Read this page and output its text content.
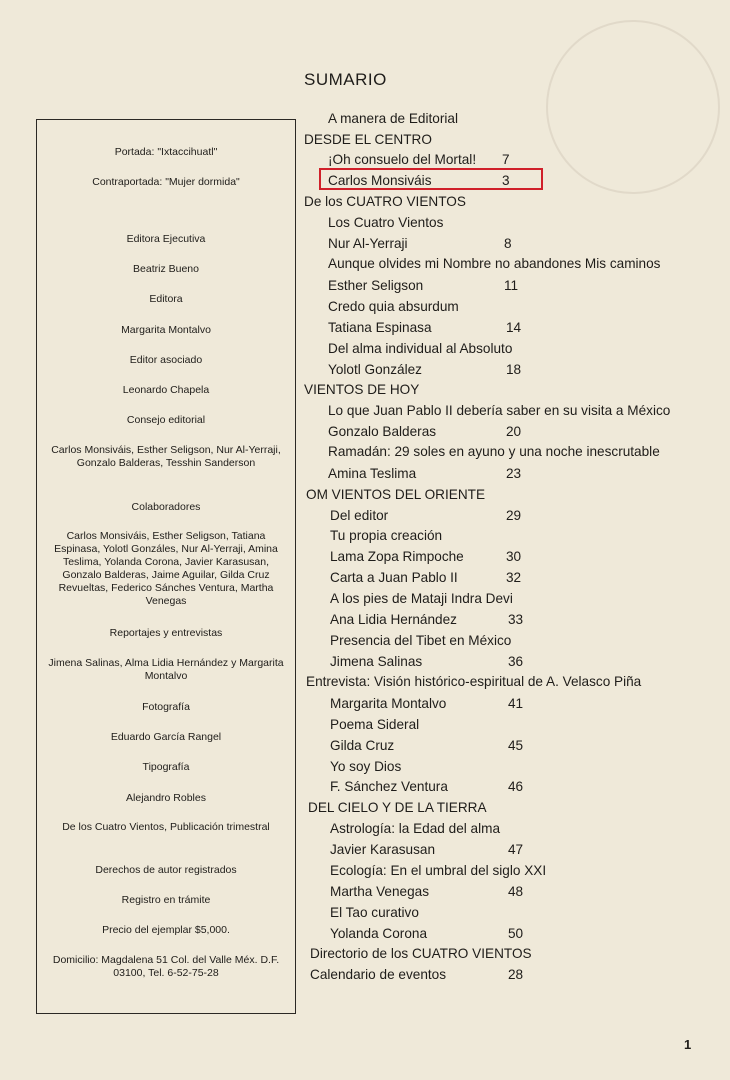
SUMARIO
Portada: "Ixtaccihuatl"
Contraportada: "Mujer dormida"
Editora Ejecutiva
Beatriz Bueno
Editora
Margarita Montalvo
Editor asociado
Leonardo Chapela
Consejo editorial
Carlos Monsiváis, Esther Seligson, Nur Al-Yerraji, Gonzalo Balderas, Tesshin Sanderson
Colaboradores
Carlos Monsiváis, Esther Seligson, Tatiana Espinasa, Yolotl Gonzáles, Nur Al-Yerraji, Amina Teslima, Yolanda Corona, Javier Karasusan, Gonzalo Balderas, Jaime Aguilar, Gilda Cruz Revueltas, Federico Sánches Ventura, Martha Venegas
Reportajes y entrevistas
Jimena Salinas, Alma Lidia Hernández y Margarita Montalvo
Fotografía
Eduardo García Rangel
Tipografía
Alejandro Robles
De los Cuatro Vientos, Publicación trimestral
Derechos de autor registrados
Registro en trámite
Precio del ejemplar $5,000.
Domicilio: Magdalena 51 Col. del Valle Méx. D.F. 03100, Tel. 6-52-75-28
A manera de Editorial
DESDE EL CENTRO
¡Oh consuelo del Mortal! 7
Carlos Monsiváis	3
De los CUATRO VIENTOS
Los Cuatro Vientos
Nur Al-Yerraji	8
Aunque olvides mi Nombre no abandones Mis caminos
Esther Seligson	11
Credo quia absurdum
Tatiana Espinasa	14
Del alma individual al Absoluto
Yolotl González	18
VIENTOS DE HOY
Lo que Juan Pablo II debería saber en su visita a México
Gonzalo Balderas	20
Ramadán: 29 soles en ayuno y una noche inescrutable
Amina Teslima	23
OM VIENTOS DEL ORIENTE
Del editor	29
Tu propia creación
Lama Zopa Rimpoche	30
Carta a Juan Pablo II	32
A los pies de Mataji Indra Devi
Ana Lidia Hernández	33
Presencia del Tibet en México
Jimena Salinas	36
Entrevista: Visión histórico-espiritual de A. Velasco Piña
Margarita Montalvo	41
Poema Sideral
Gilda Cruz	45
Yo soy Dios
F. Sánchez Ventura	46
DEL CIELO Y DE LA TIERRA
Astrología: la Edad del alma
Javier Karasusan	47
Ecología: En el umbral del siglo XXI
Martha Venegas	48
El Tao curativo
Yolanda Corona	50
Directorio de los CUATRO VIENTOS
Calendario de eventos	28
1
